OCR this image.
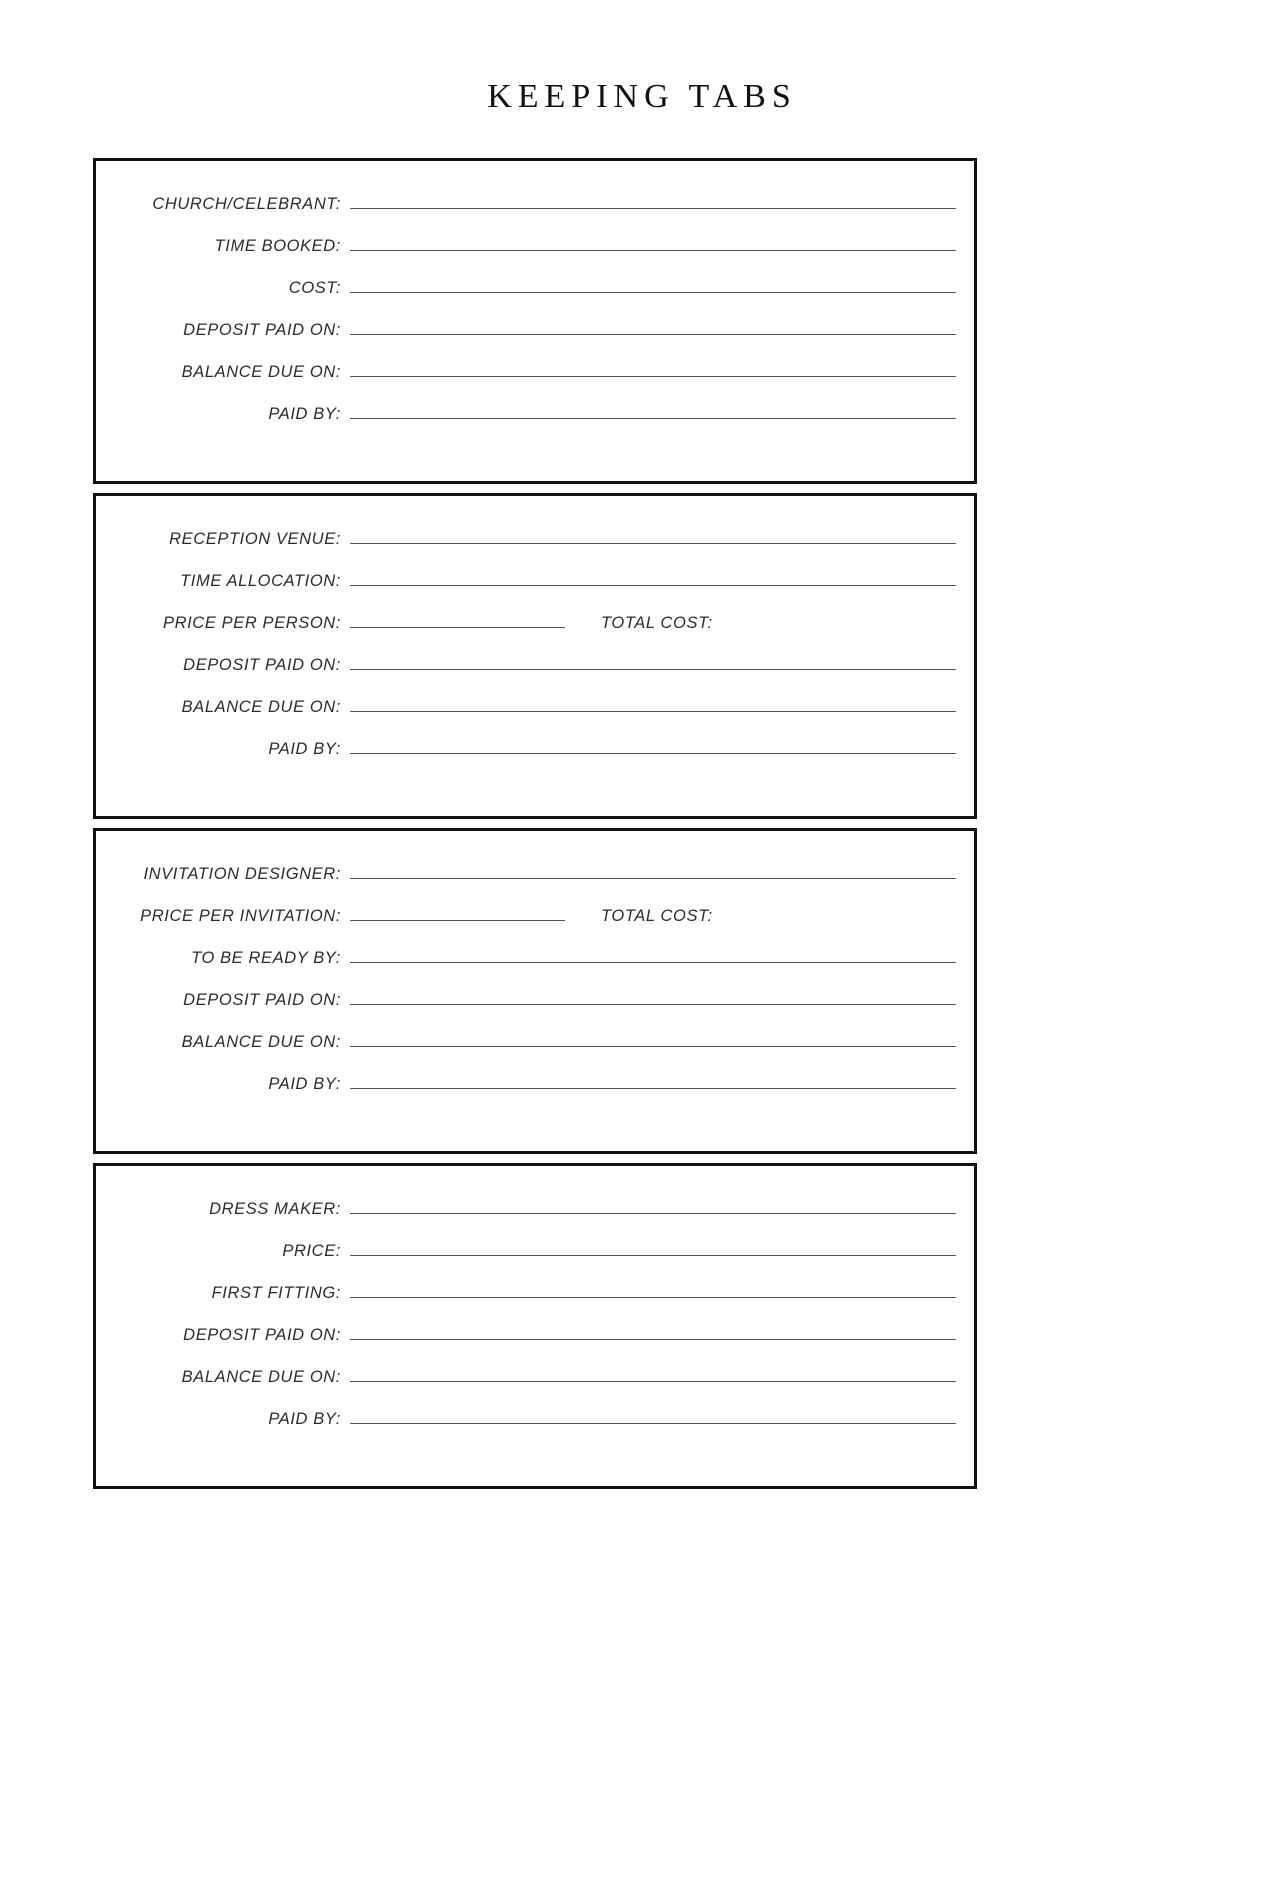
KEEPING TABS
CHURCH/CELEBRANT:
TIME BOOKED:
COST:
DEPOSIT PAID ON:
BALANCE DUE ON:
PAID BY:
RECEPTION VENUE:
TIME ALLOCATION:
PRICE PER PERSON:	TOTAL COST:
DEPOSIT PAID ON:
BALANCE DUE ON:
PAID BY:
INVITATION DESIGNER:
PRICE PER INVITATION:	TOTAL COST:
TO BE READY BY:
DEPOSIT PAID ON:
BALANCE DUE ON:
PAID BY:
DRESS MAKER:
PRICE:
FIRST FITTING:
DEPOSIT PAID ON:
BALANCE DUE ON:
PAID BY:
